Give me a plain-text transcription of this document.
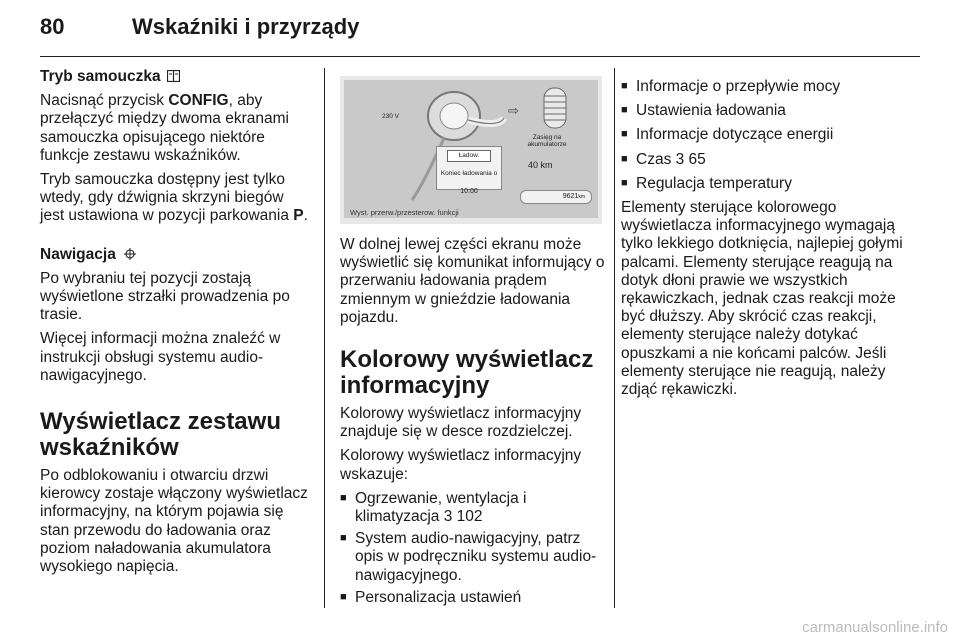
80	Wskaźniki i przyrządy

Tryb samouczka

Nacisnąć przycisk CONFIG, aby przełączyć między dwoma ekranami samouczka opisującego niektóre funkcje zestawu wskaźników.

Tryb samouczka dostępny jest tylko wtedy, gdy dźwignia skrzyni biegów jest ustawiona w pozycji parkowania P.

Nawigacja

Po wybraniu tej pozycji zostają wyświetlone strzałki prowadzenia po trasie.

Więcej informacji można znaleźć w instrukcji obsługi systemu audio-nawigacyjnego.

Wyświetlacz zestawu wskaźników

Po odblokowaniu i otwarciu drzwi kierowcy zostaje włączony wyświetlacz informacyjny, na którym pojawia się stan przewodu do ładowania oraz poziom naładowania akumulatora wysokiego napięcia.

230 V	⇨
Ładow.
Koniec ładowania o
10:00
Zasięg na akumulatorze
40 km
Wyst. przerw./przesterow. funkcji
9621km

W dolnej lewej części ekranu może wyświetlić się komunikat informujący o przerwaniu ładowania prądem zmiennym w gnieździe ładowania pojazdu.

Kolorowy wyświetlacz informacyjny

Kolorowy wyświetlacz informacyjny znajduje się w desce rozdzielczej.

Kolorowy wyświetlacz informacyjny wskazuje:

■ Ogrzewanie, wentylacja i klimatyzacja 3 102
■ System audio-nawigacyjny, patrz opis w podręczniku systemu audio-nawigacyjnego.
■ Personalizacja ustawień
■ Informacje o przepływie mocy
■ Ustawienia ładowania
■ Informacje dotyczące energii
■ Czas 3 65
■ Regulacja temperatury

Elementy sterujące kolorowego wyświetlacza informacyjnego wymagają tylko lekkiego dotknięcia, najlepiej gołymi palcami. Elementy sterujące reagują na dotyk dłoni prawie we wszystkich rękawiczkach, jednak czas reakcji może być dłuższy. Aby skrócić czas reakcji, elementy sterujące należy dotykać opuszkami a nie końcami palców. Jeśli elementy sterujące nie reagują, należy zdjąć rękawiczki.

carmanualsonline.info
